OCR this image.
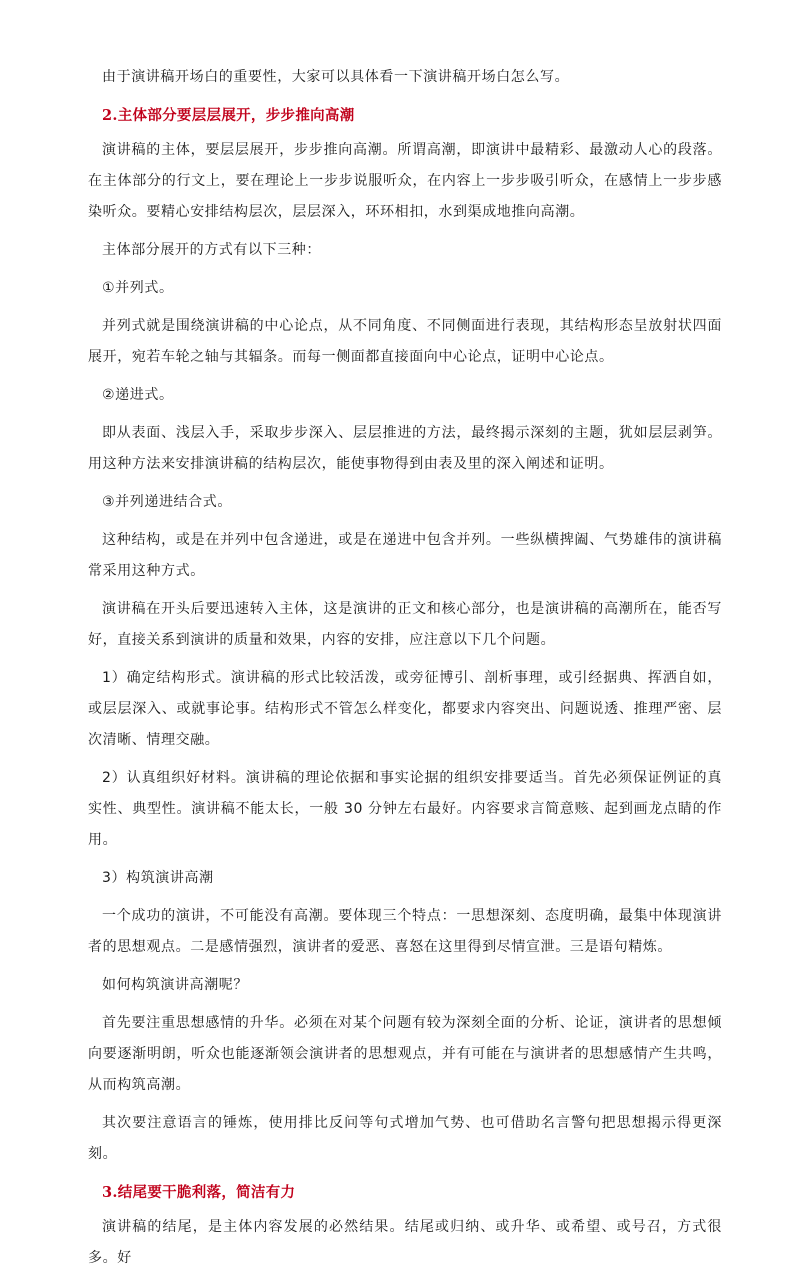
由于演讲稿开场白的重要性，大家可以具体看一下演讲稿开场白怎么写。

2.主体部分要层层展开，步步推向高潮

演讲稿的主体，要层层展开，步步推向高潮。所谓高潮，即演讲中最精彩、最激动人心的段落。在主体部分的行文上，要在理论上一步步说服听众，在内容上一步步吸引听众，在感情上一步步感染听众。要精心安排结构层次，层层深入，环环相扣，水到渠成地推向高潮。

主体部分展开的方式有以下三种：

①并列式。

并列式就是围绕演讲稿的中心论点，从不同角度、不同侧面进行表现，其结构形态呈放射状四面展开，宛若车轮之轴与其辐条。而每一侧面都直接面向中心论点，证明中心论点。

②递进式。

即从表面、浅层入手，采取步步深入、层层推进的方法，最终揭示深刻的主题，犹如层层剥笋。用这种方法来安排演讲稿的结构层次，能使事物得到由表及里的深入阐述和证明。

③并列递进结合式。

这种结构，或是在并列中包含递进，或是在递进中包含并列。一些纵横捭阖、气势雄伟的演讲稿常采用这种方式。

演讲稿在开头后要迅速转入主体，这是演讲的正文和核心部分，也是演讲稿的高潮所在，能否写好，直接关系到演讲的质量和效果，内容的安排，应注意以下几个问题。

1）确定结构形式。演讲稿的形式比较活泼，或旁征博引、剖析事理，或引经据典、挥洒自如，或层层深入、或就事论事。结构形式不管怎么样变化，都要求内容突出、问题说透、推理严密、层次清晰、情理交融。

2）认真组织好材料。演讲稿的理论依据和事实论据的组织安排要适当。首先必须保证例证的真实性、典型性。演讲稿不能太长，一般 30 分钟左右最好。内容要求言简意赅、起到画龙点睛的作用。

3）构筑演讲高潮

一个成功的演讲，不可能没有高潮。要体现三个特点：一思想深刻、态度明确，最集中体现演讲者的思想观点。二是感情强烈，演讲者的爱恶、喜怒在这里得到尽情宣泄。三是语句精炼。

如何构筑演讲高潮呢？

首先要注重思想感情的升华。必须在对某个问题有较为深刻全面的分析、论证，演讲者的思想倾向要逐渐明朗，听众也能逐渐领会演讲者的思想观点，并有可能在与演讲者的思想感情产生共鸣，从而构筑高潮。

其次要注意语言的锤炼，使用排比反问等句式增加气势、也可借助名言警句把思想揭示得更深刻。

3.结尾要干脆利落，简洁有力

演讲稿的结尾，是主体内容发展的必然结果。结尾或归纳、或升华、或希望、或号召，方式很多。好
